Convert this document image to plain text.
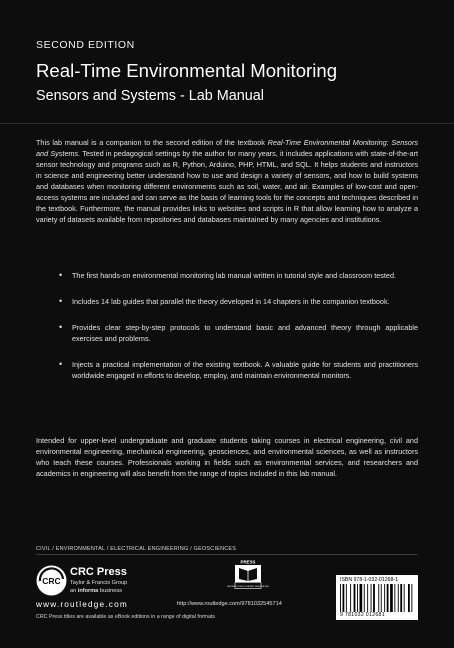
SECOND EDITION
Real-Time Environmental Monitoring
Sensors and Systems - Lab Manual

This lab manual is a companion to the second edition of the textbook Real-Time Environmental Monitoring: Sensors and Systems. Tested in pedagogical settings by the author for many years, it includes applications with state-of-the-art sensor technology and programs such as R, Python, Arduino, PHP, HTML, and SQL. It helps students and instructors in science and engineering better understand how to use and design a variety of sensors, and how to build systems and databases when monitoring different environments such as soil, water, and air. Examples of low-cost and open-access systems are included and can serve as the basis of learning tools for the concepts and techniques described in the textbook. Furthermore, the manual provides links to websites and scripts in R that allow learning how to analyze a variety of datasets available from repositories and databases maintained by many agencies and institutions.

• The first hands-on environmental monitoring lab manual written in tutorial style and classroom tested.
• Includes 14 lab guides that parallel the theory developed in 14 chapters in the companion textbook.
• Provides clear step-by-step protocols to understand basic and advanced theory through applicable exercises and problems.
• Injects a practical implementation of the existing textbook. A valuable guide for students and practitioners worldwide engaged in efforts to develop, employ, and maintain environmental monitors.

Intended for upper-level undergraduate and graduate students taking courses in electrical engineering, civil and environmental engineering, mechanical engineering, geosciences, and environmental sciences, as well as instructors who teach these courses. Professionals working in fields such as environmental services, and researchers and academics in engineering will also benefit from the range of topics included in this lab manual.

CIVIL / ENVIRONMENTAL / ELECTRICAL ENGINEERING / GEOSCIENCES
CRC
CRC Press
Taylor & Francis Group
an informa business
www.routledge.com
PRESS
INSTRUCTOR & STUDENT RESOURCES
http://www.routledge.com/9781032545714
ISBN 978-1-032-01268-1
9 781032 012681
CRC Press titles are available as eBook editions in a range of digital formats
